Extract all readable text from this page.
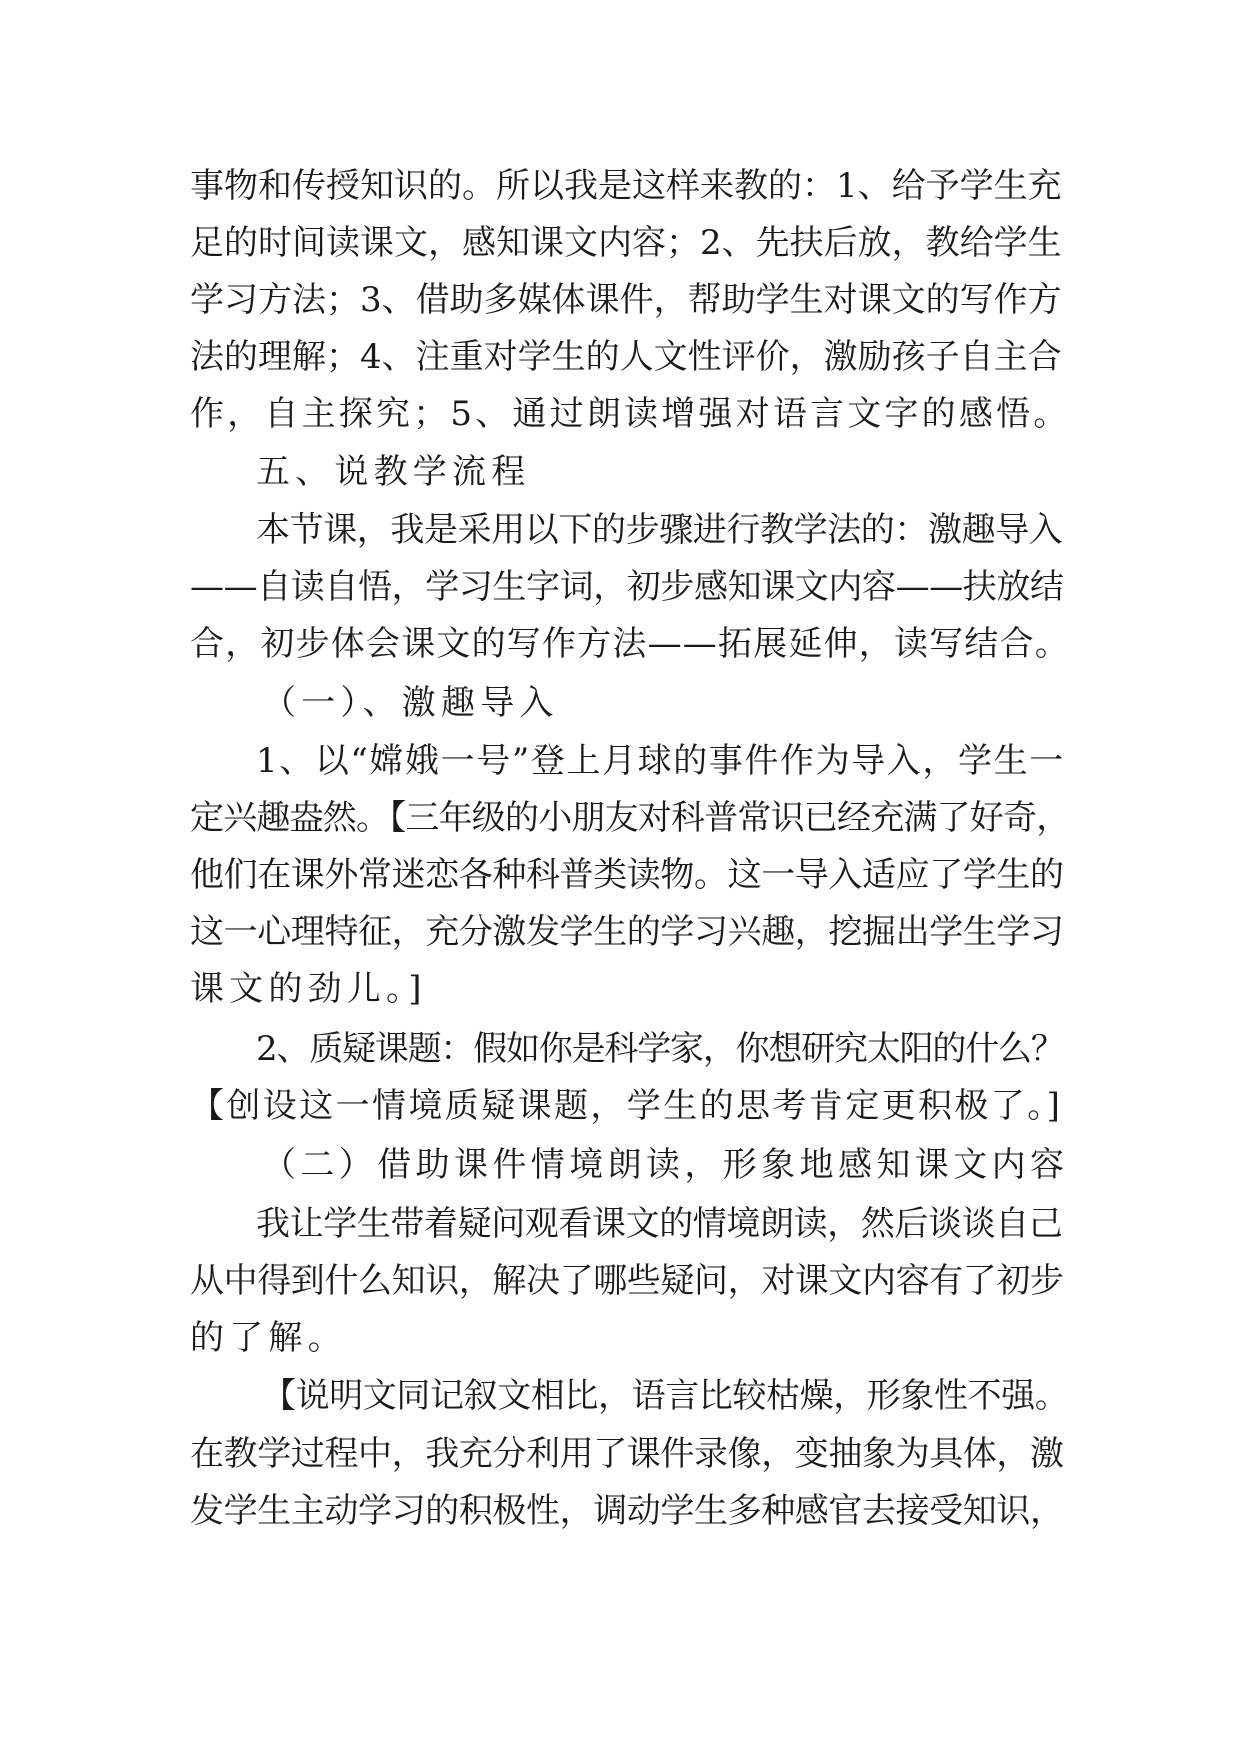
事物和传授知识的。所以我是这样来教的：1、给予学生充
足的时间读课文，感知课文内容；2、先扶后放，教给学生
学习方法；3、借助多媒体课件，帮助学生对课文的写作方
法的理解；4、注重对学生的人文性评价，激励孩子自主合
作，自主探究；5、通过朗读增强对语言文字的感悟。
五、说教学流程
本节课，我是采用以下的步骤进行教学法的：激趣导入
——自读自悟，学习生字词，初步感知课文内容——扶放结
合，初步体会课文的写作方法——拓展延伸，读写结合。
（一）、激趣导入
1、以“嫦娥一号”登上月球的事件作为导入，学生一
定兴趣盎然。【三年级的小朋友对科普常识已经充满了好奇，
他们在课外常迷恋各种科普类读物。这一导入适应了学生的
这一心理特征，充分激发学生的学习兴趣，挖掘出学生学习
课文的劲儿。]
2、质疑课题：假如你是科学家，你想研究太阳的什么？
【创设这一情境质疑课题，学生的思考肯定更积极了。]
（二）借助课件情境朗读，形象地感知课文内容
我让学生带着疑问观看课文的情境朗读，然后谈谈自己
从中得到什么知识，解决了哪些疑问，对课文内容有了初步
的了解。
【说明文同记叙文相比，语言比较枯燥，形象性不强。
在教学过程中，我充分利用了课件录像，变抽象为具体，激
发学生主动学习的积极性，调动学生多种感官去接受知识，
